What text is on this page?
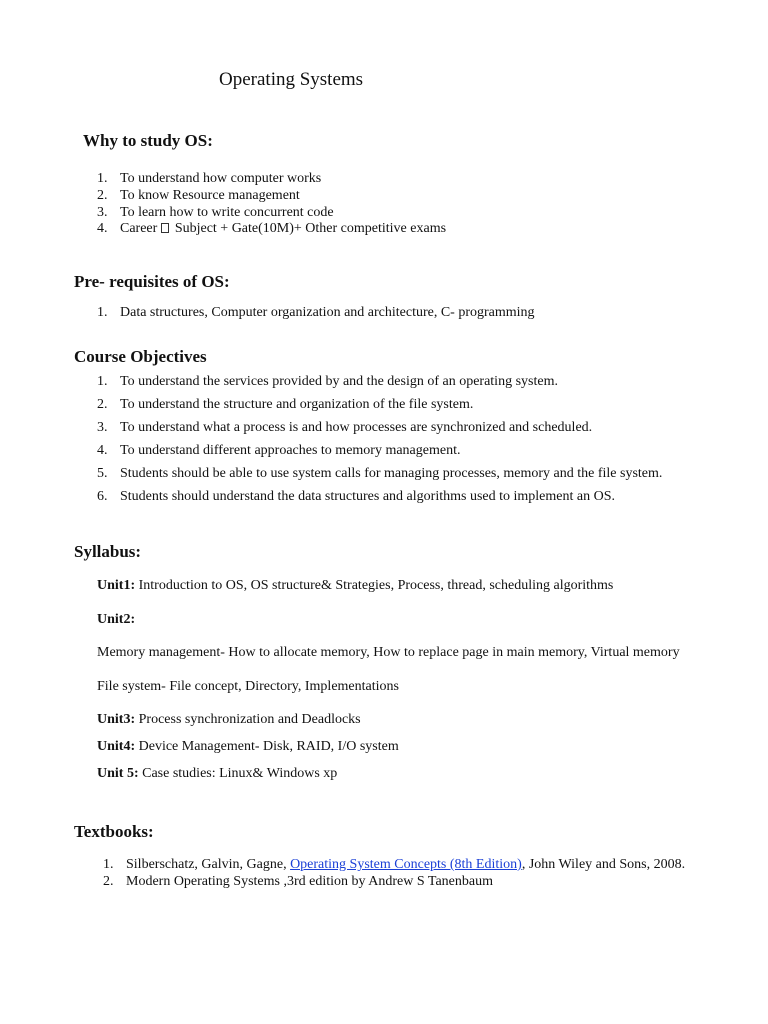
Operating Systems
Why to study OS:
1. To understand how computer works
2. To know Resource management
3. To learn how to write concurrent code
4. Career Subject + Gate(10M)+ Other competitive exams
Pre- requisites of OS:
1. Data structures, Computer organization and architecture, C- programming
Course Objectives
1. To understand the services provided by and the design of an operating system.
2. To understand the structure and organization of the file system.
3. To understand what a process is and how processes are synchronized and scheduled.
4. To understand different approaches to memory management.
5. Students should be able to use system calls for managing processes, memory and the file system.
6. Students should understand the data structures and algorithms used to implement an OS.
Syllabus:
Unit1: Introduction to OS, OS structure& Strategies, Process, thread, scheduling algorithms
Unit2:
Memory management- How to allocate memory, How to replace page in main memory, Virtual memory
File system- File concept, Directory, Implementations
Unit3: Process synchronization and Deadlocks
Unit4: Device Management- Disk, RAID, I/O system
Unit 5: Case studies: Linux& Windows xp
Textbooks:
1. Silberschatz, Galvin, Gagne, Operating System Concepts (8th Edition), John Wiley and Sons, 2008.
2. Modern Operating Systems ,3rd edition by Andrew S Tanenbaum
